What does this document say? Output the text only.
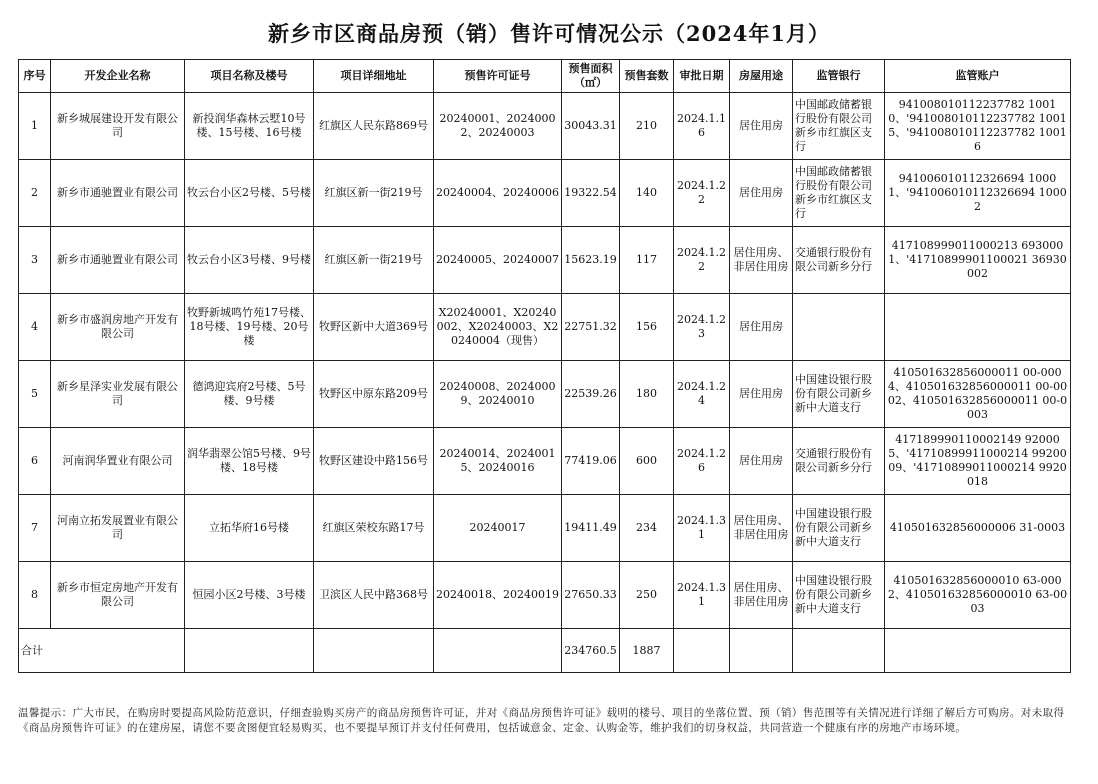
新乡市区商品房预（销）售许可情况公示（2024年1月）
序号	开发企业名称	项目名称及楼号	项目详细地址	预售许可证号	预售面积（㎡）	预售套数	审批日期	房屋用途	监管银行	监管账户
1	新乡城展建设开发有限公司	新投润华森林云墅10号楼、15号楼、16号楼	红旗区人民东路869号	20240001、20240002、20240003	30043.31	210	2024.1.16	居住用房	中国邮政储蓄银行股份有限公司新乡市红旗区支行	941008010112237782 10010、'941008010112237782 10015、'941008010112237782 10016
2	新乡市通驰置业有限公司	牧云台小区2号楼、5号楼	红旗区新一街219号	20240004、20240006	19322.54	140	2024.1.22	居住用房	中国邮政储蓄银行股份有限公司新乡市红旗区支行	941006010112326694 10001、'941006010112326694 10002
3	新乡市通驰置业有限公司	牧云台小区3号楼、9号楼	红旗区新一街219号	20240005、20240007	15623.19	117	2024.1.22	居住用房、非居住用房	交通银行股份有限公司新乡分行	417108999011000213 6930001、'41710899901100021 36930002
4	新乡市盛润房地产开发有限公司	牧野新城鸣竹苑17号楼、18号楼、19号楼、20号楼	牧野区新中大道369号	X20240001、X20240002、X20240003、X20240004（现售）	22751.32	156	2024.1.23	居住用房		
5	新乡星泽实业发展有限公司	德鸿迎宾府2号楼、5号楼、9号楼	牧野区中原东路209号	20240008、20240009、20240010	22539.26	180	2024.1.24	居住用房	中国建设银行股份有限公司新乡新中大道支行	410501632856000011 00-0004、410501632856000011 00-0002、410501632856000011 00-0003
6	河南润华置业有限公司	润华翡翠公馆5号楼、9号楼、18号楼	牧野区建设中路156号	20240014、20240015、20240016	77419.06	600	2024.1.26	居住用房	交通银行股份有限公司新乡分行	417189990110002149 920005、'41710899911000214 9920009、'41710899011000214 9920018
7	河南立拓发展置业有限公司	立拓华府16号楼	红旗区荣校东路17号	20240017	19411.49	234	2024.1.31	居住用房、非居住用房	中国建设银行股份有限公司新乡新中大道支行	410501632856000006 31-0003
8	新乡市恒定房地产开发有限公司	恒园小区2号楼、3号楼	卫滨区人民中路368号	20240018、20240019	27650.33	250	2024.1.31	居住用房、非居住用房	中国建设银行股份有限公司新乡新中大道支行	410501632856000010 63-0002、410501632856000010 63-0003
合计					234760.5	1887				
温馨提示：广大市民，在购房时要提高风险防范意识，仔细查验购买房产的商品房预售许可证，并对《商品房预售许可证》载明的楼号、项目的坐落位置、预（销）售范围等有关情况进行详细了解后方可购房。对未取得《商品房预售许可证》的在建房屋，请您不要贪图便宜轻易购买，也不要提早预订并支付任何费用，包括诚意金、定金、认购金等，维护我们的切身权益，共同营造一个健康有序的房地产市场环境。
